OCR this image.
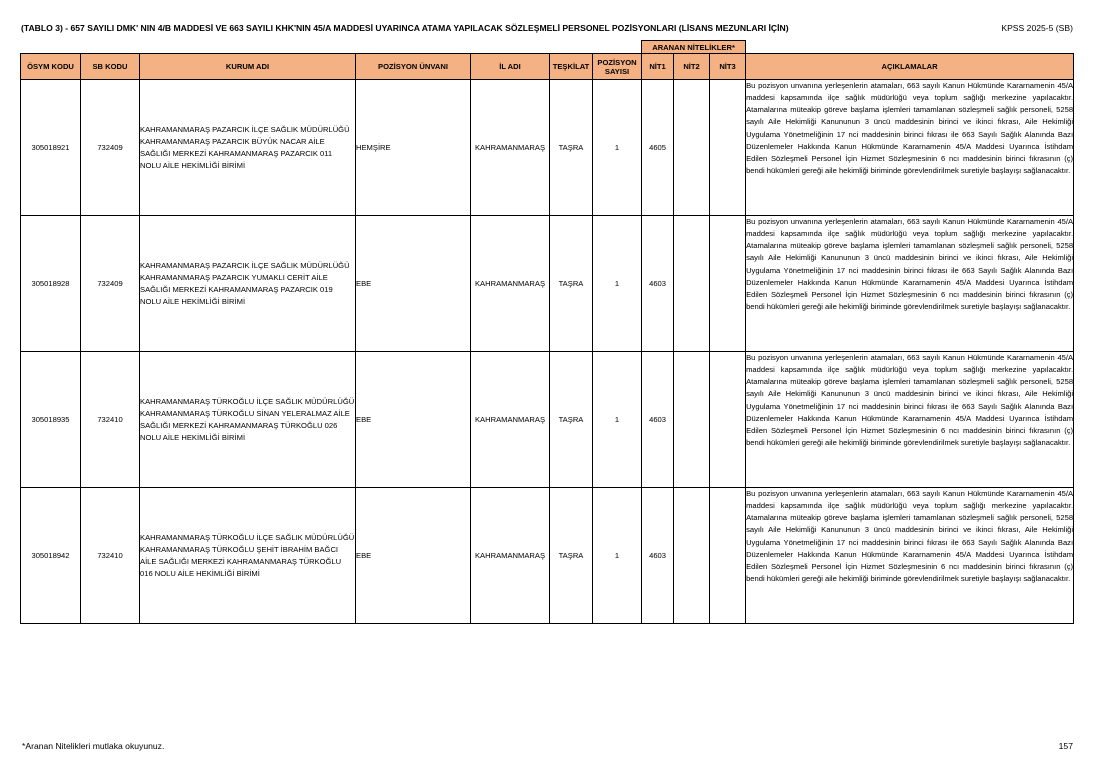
(TABLO 3) - 657 SAYILI DMK' NIN 4/B MADDESİ VE 663 SAYILI KHK'NIN 45/A MADDESİ UYARINCA ATAMA YAPILACAK SÖZLEŞMELİ PERSONEL POZİSYONLARI (LİSANS MEZUNLARI İÇİN)	KPSS 2025-5 (SB)
							ARANAN NİTELİKLER*			
ÖSYM KODU	SB KODU	KURUM ADI	POZİSYON ÜNVANI	İL ADI	TEŞKİLAT	POZİSYON SAYISI	NİT1	NİT2	NİT3	AÇIKLAMALAR
305018921	732409	KAHRAMANMARAŞ PAZARCIK İLÇE SAĞLIK MÜDÜRLÜĞÜ KAHRAMANMARAŞ PAZARCIK BÜYÜK NACAR AİLE SAĞLIĞI MERKEZİ KAHRAMANMARAŞ PAZARCIK 011 NOLU AİLE HEKİMLİĞİ BİRİMİ	HEMŞİRE	KAHRAMANMARAŞ	TAŞRA	1	4605			Bu pozisyon unvanına yerleşenlerin atamaları, 663 sayılı Kanun Hükmünde Kararnamenin 45/A maddesi kapsamında ilçe sağlık müdürlüğü veya toplum sağlığı merkezine yapılacaktır. Atamalarına müteakip göreve başlama işlemleri tamamlanan sözleşmeli sağlık personeli, 5258 sayılı Aile Hekimliği Kanununun 3 üncü maddesinin birinci ve ikinci fıkrası, Aile Hekimliği Uygulama Yönetmeliğinin 17 nci maddesinin birinci fıkrası ile 663 Sayılı Sağlık Alanında Bazı Düzenlemeler Hakkında Kanun Hükmünde Kararnamenin 45/A Maddesi Uyarınca İstihdam Edilen Sözleşmeli Personel İçin Hizmet Sözleşmesinin 6 ncı maddesinin birinci fıkrasının (ç) bendi hükümleri gereği aile hekimliği biriminde görevlendirilmek suretiyle başlayışı sağlanacaktır.
305018928	732409	KAHRAMANMARAŞ PAZARCIK İLÇE SAĞLIK MÜDÜRLÜĞÜ KAHRAMANMARAŞ PAZARCIK YUMAKLI CERİT AİLE SAĞLIĞI MERKEZİ KAHRAMANMARAŞ PAZARCIK 019 NOLU AİLE HEKİMLİĞİ BİRİMİ	EBE	KAHRAMANMARAŞ	TAŞRA	1	4603			Bu pozisyon unvanına yerleşenlerin atamaları, 663 sayılı Kanun Hükmünde Kararnamenin 45/A maddesi kapsamında ilçe sağlık müdürlüğü veya toplum sağlığı merkezine yapılacaktır. Atamalarına müteakip göreve başlama işlemleri tamamlanan sözleşmeli sağlık personeli, 5258 sayılı Aile Hekimliği Kanununun 3 üncü maddesinin birinci ve ikinci fıkrası, Aile Hekimliği Uygulama Yönetmeliğinin 17 nci maddesinin birinci fıkrası ile 663 Sayılı Sağlık Alanında Bazı Düzenlemeler Hakkında Kanun Hükmünde Kararnamenin 45/A Maddesi Uyarınca İstihdam Edilen Sözleşmeli Personel İçin Hizmet Sözleşmesinin 6 ncı maddesinin birinci fıkrasının (ç) bendi hükümleri gereği aile hekimliği biriminde görevlendirilmek suretiyle başlayışı sağlanacaktır.
305018935	732410	KAHRAMANMARAŞ TÜRKOĞLU İLÇE SAĞLIK MÜDÜRLÜĞÜ KAHRAMANMARAŞ TÜRKOĞLU SİNAN YELERALMAZ AİLE SAĞLIĞI MERKEZİ KAHRAMANMARAŞ TÜRKOĞLU 026 NOLU AİLE HEKİMLİĞİ BİRİMİ	EBE	KAHRAMANMARAŞ	TAŞRA	1	4603			Bu pozisyon unvanına yerleşenlerin atamaları, 663 sayılı Kanun Hükmünde Kararnamenin 45/A maddesi kapsamında ilçe sağlık müdürlüğü veya toplum sağlığı merkezine yapılacaktır. Atamalarına müteakip göreve başlama işlemleri tamamlanan sözleşmeli sağlık personeli, 5258 sayılı Aile Hekimliği Kanununun 3 üncü maddesinin birinci ve ikinci fıkrası, Aile Hekimliği Uygulama Yönetmeliğinin 17 nci maddesinin birinci fıkrası ile 663 Sayılı Sağlık Alanında Bazı Düzenlemeler Hakkında Kanun Hükmünde Kararnamenin 45/A Maddesi Uyarınca İstihdam Edilen Sözleşmeli Personel İçin Hizmet Sözleşmesinin 6 ncı maddesinin birinci fıkrasının (ç) bendi hükümleri gereği aile hekimliği biriminde görevlendirilmek suretiyle başlayışı sağlanacaktır.
305018942	732410	KAHRAMANMARAŞ TÜRKOĞLU İLÇE SAĞLIK MÜDÜRLÜĞÜ KAHRAMANMARAŞ TÜRKOĞLU ŞEHİT İBRAHİM BAĞCI AİLE SAĞLIĞI MERKEZİ KAHRAMANMARAŞ TÜRKOĞLU 016 NOLU AİLE HEKİMLİĞİ BİRİMİ	EBE	KAHRAMANMARAŞ	TAŞRA	1	4603			Bu pozisyon unvanına yerleşenlerin atamaları, 663 sayılı Kanun Hükmünde Kararnamenin 45/A maddesi kapsamında ilçe sağlık müdürlüğü veya toplum sağlığı merkezine yapılacaktır. Atamalarına müteakip göreve başlama işlemleri tamamlanan sözleşmeli sağlık personeli, 5258 sayılı Aile Hekimliği Kanununun 3 üncü maddesinin birinci ve ikinci fıkrası, Aile Hekimliği Uygulama Yönetmeliğinin 17 nci maddesinin birinci fıkrası ile 663 Sayılı Sağlık Alanında Bazı Düzenlemeler Hakkında Kanun Hükmünde Kararnamenin 45/A Maddesi Uyarınca İstihdam Edilen Sözleşmeli Personel İçin Hizmet Sözleşmesinin 6 ncı maddesinin birinci fıkrasının (ç) bendi hükümleri gereği aile hekimliği biriminde görevlendirilmek suretiyle başlayışı sağlanacaktır.
*Aranan Nitelikleri mutlaka okuyunuz.	157
